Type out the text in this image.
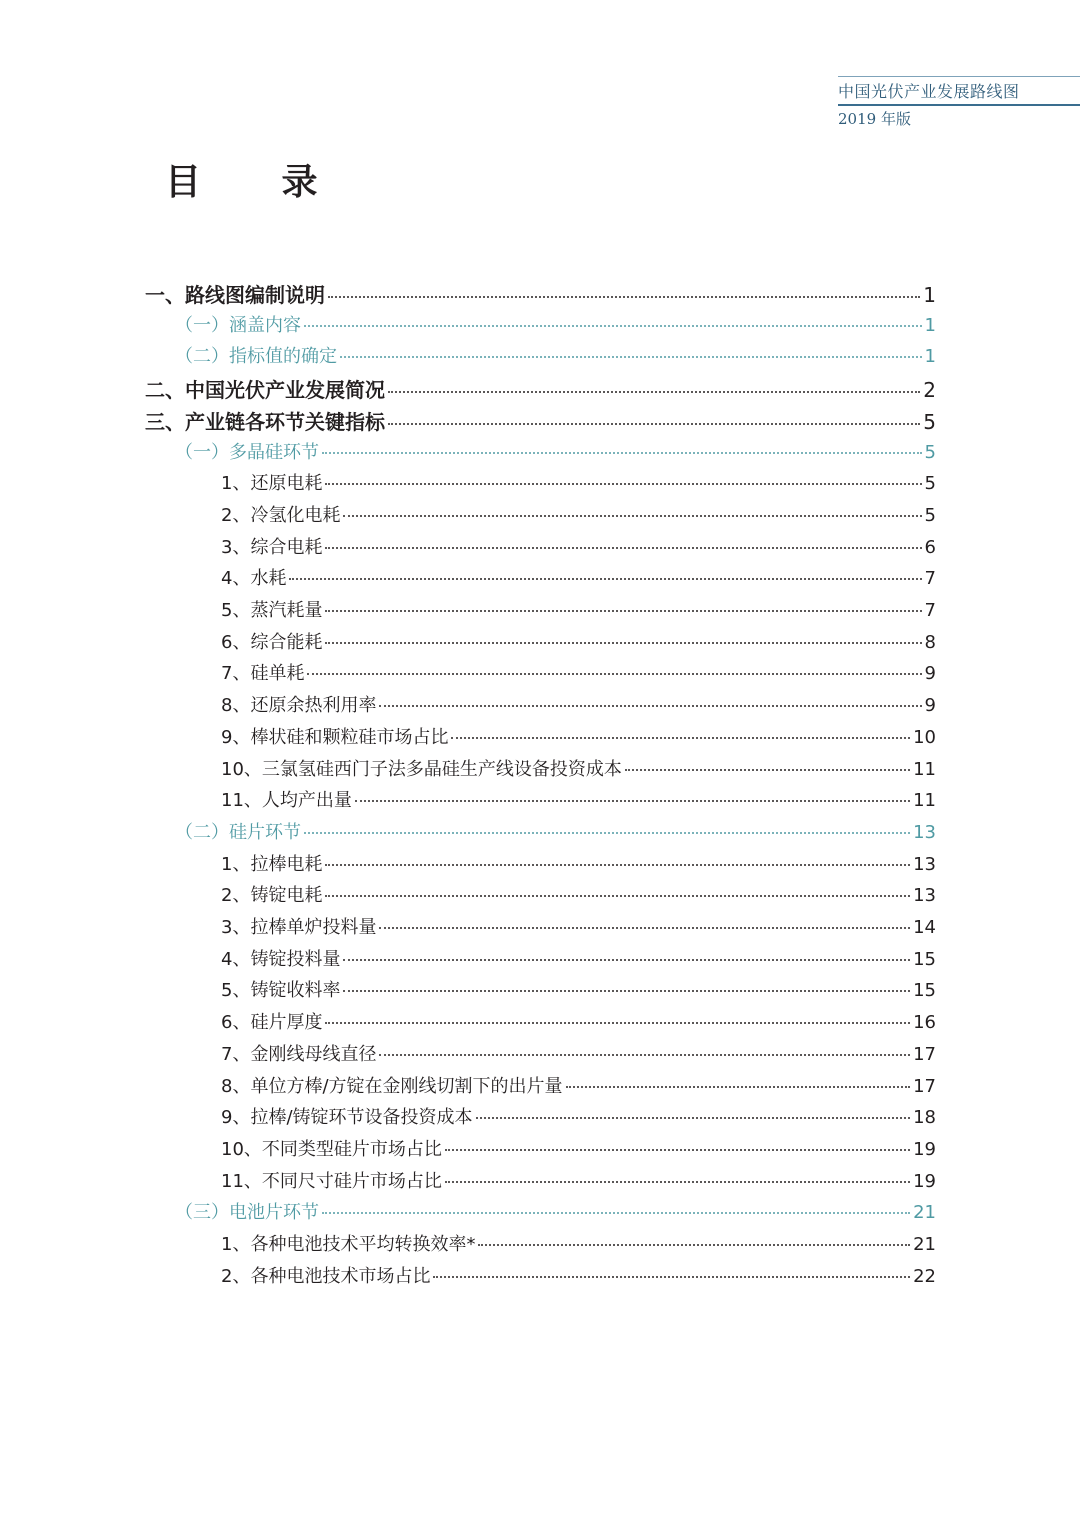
中国光伏产业发展路线图
2019 年版
目 录
一、路线图编制说明	1
（一）涵盖内容	1
（二）指标值的确定	1
二、中国光伏产业发展简况	2
三、产业链各环节关键指标	5
（一）多晶硅环节	5
1、还原电耗	5
2、冷氢化电耗	5
3、综合电耗	6
4、水耗	7
5、蒸汽耗量	7
6、综合能耗	8
7、硅单耗	9
8、还原余热利用率	9
9、棒状硅和颗粒硅市场占比	10
10、三氯氢硅西门子法多晶硅生产线设备投资成本	11
11、人均产出量	11
（二）硅片环节	13
1、拉棒电耗	13
2、铸锭电耗	13
3、拉棒单炉投料量	14
4、铸锭投料量	15
5、铸锭收料率	15
6、硅片厚度	16
7、金刚线母线直径	17
8、单位方棒/方锭在金刚线切割下的出片量	17
9、拉棒/铸锭环节设备投资成本	18
10、不同类型硅片市场占比	19
11、不同尺寸硅片市场占比	19
（三）电池片环节	21
1、各种电池技术平均转换效率*	21
2、各种电池技术市场占比	22
